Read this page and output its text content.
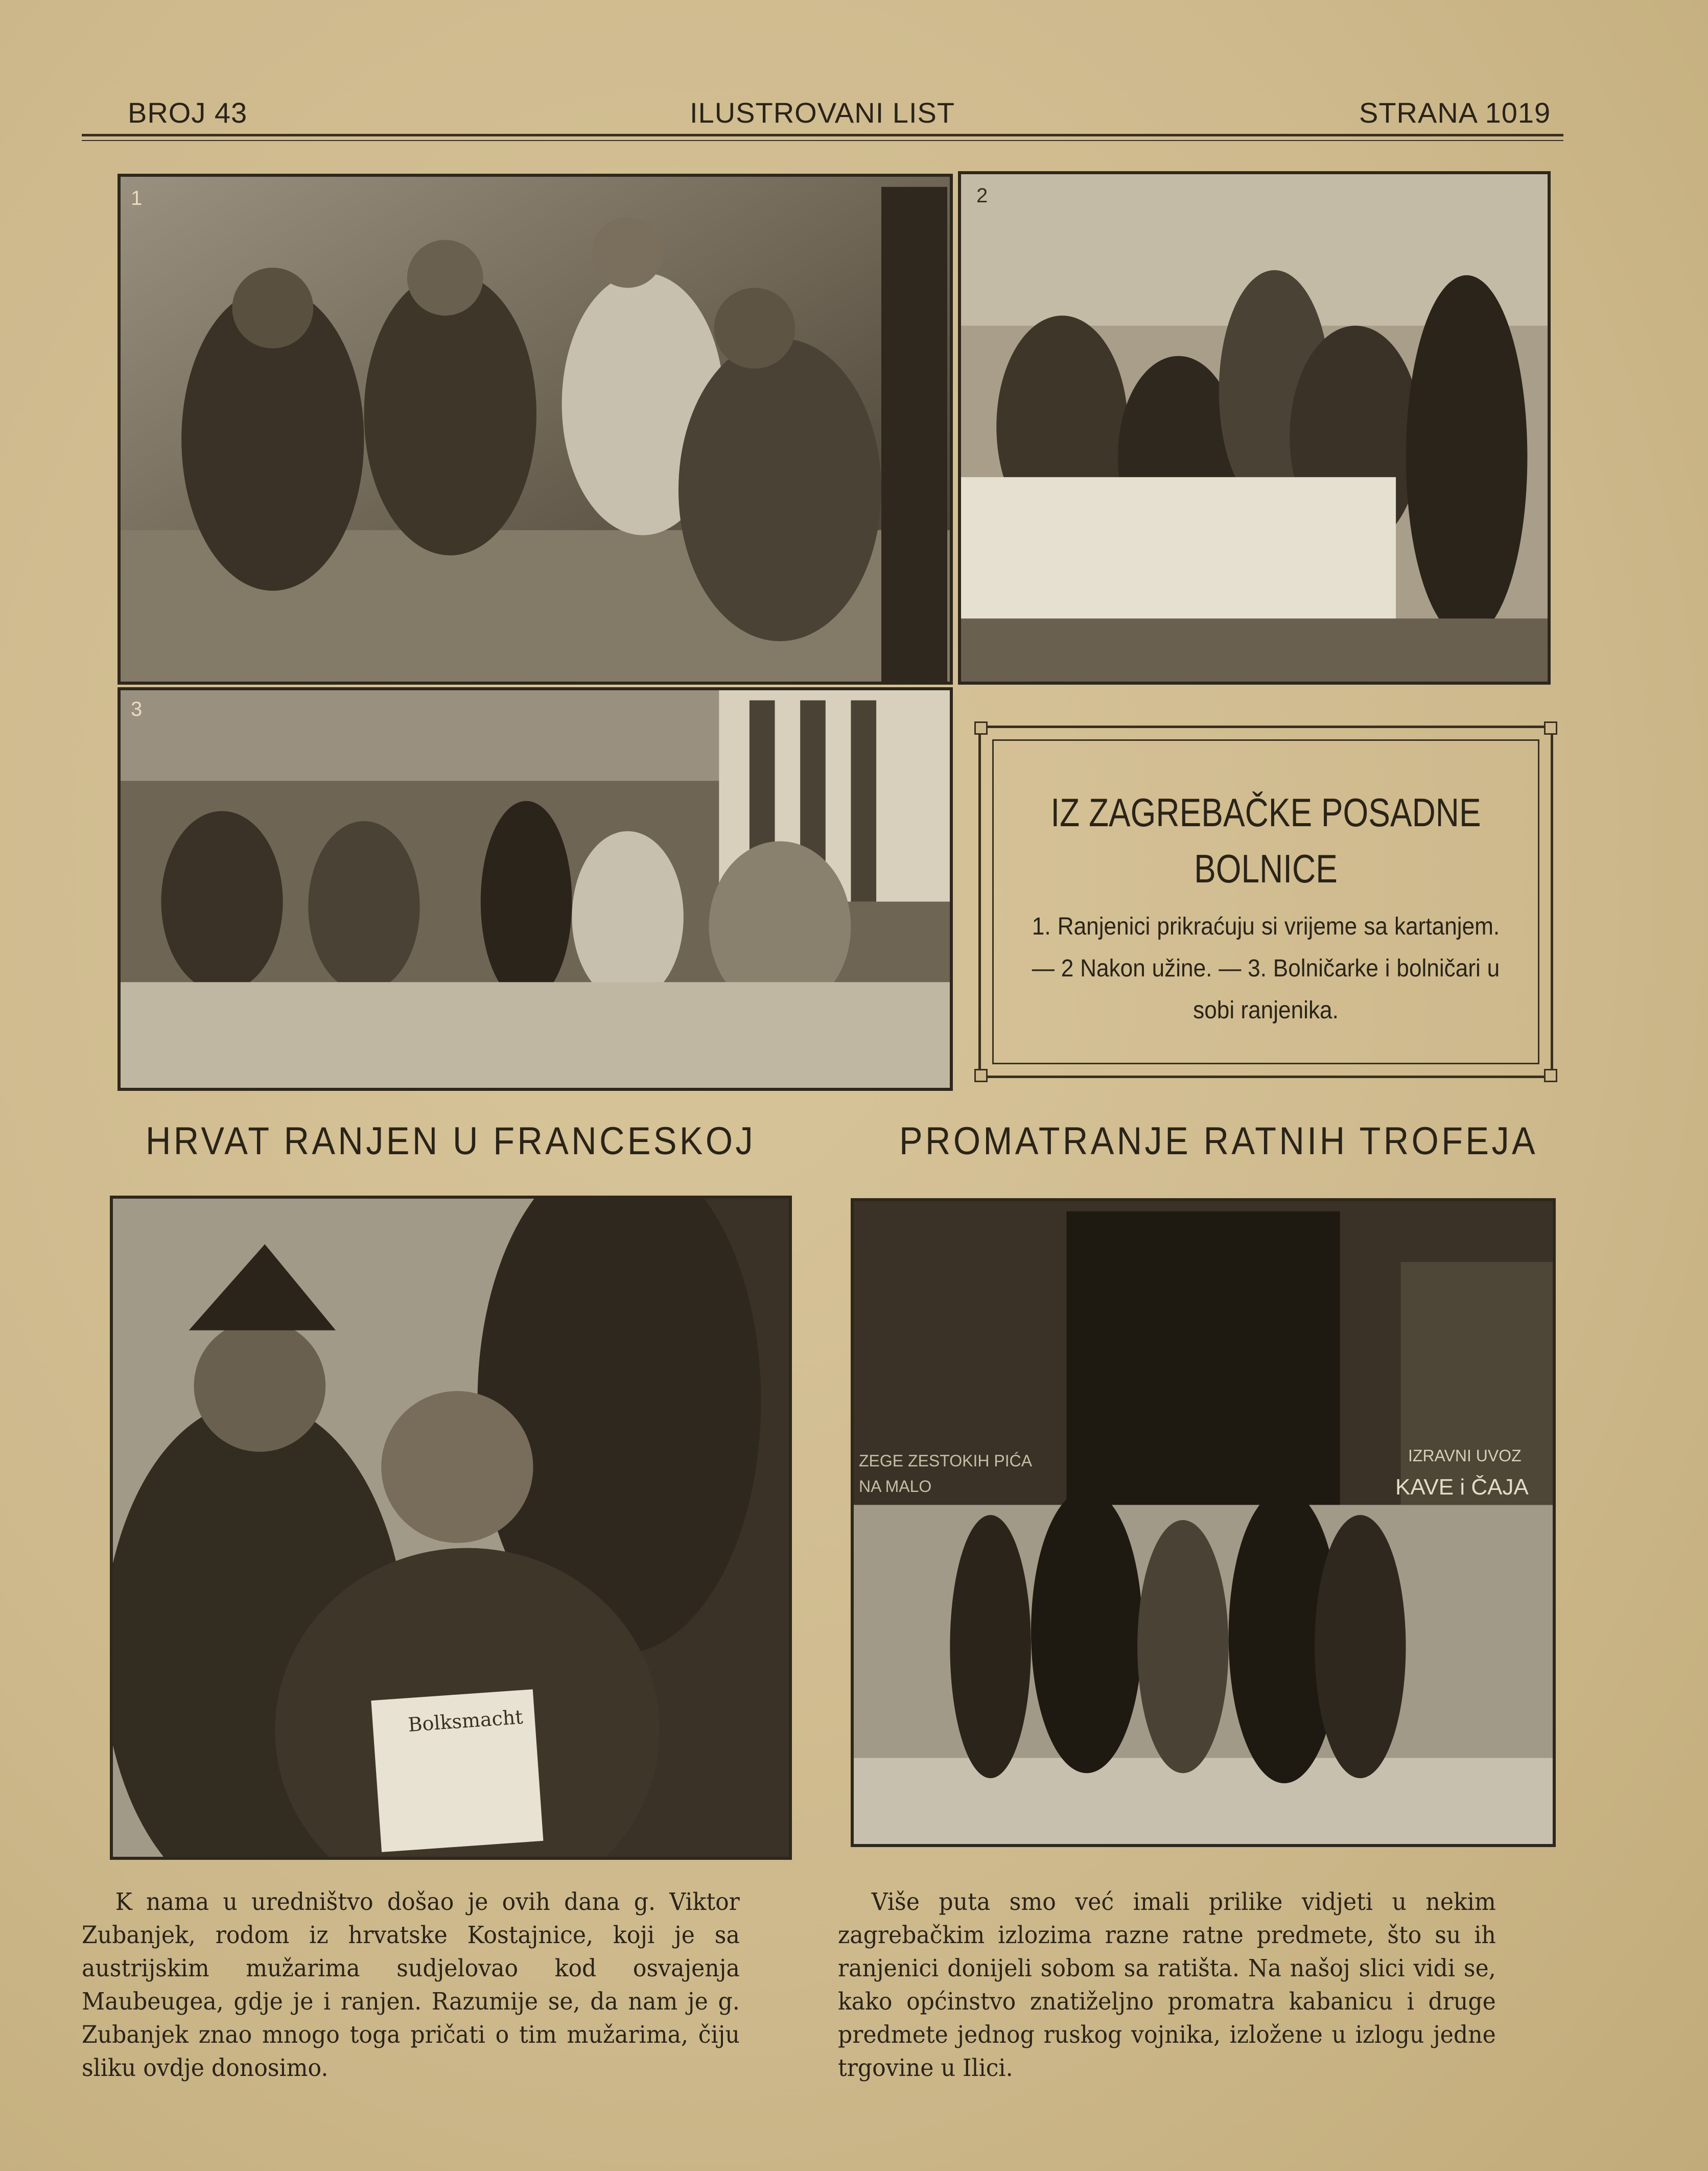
BROJ 43	ILUSTROVANI LIST	STRANA 1019
1	2
3
IZ ZAGREBAČKE POSADNE BOLNICE
1. Ranjenici prikraćuju si vrijeme sa kartanjem. — 2 Nakon užine. — 3. Bolničarke i bolničari u sobi ranjenika.
HRVAT RANJEN U FRANCESKOJ	PROMATRANJE RATNIH TROFEJA
Bolksmacht
ZEGE ZESTOKIH PIĆA
NA MALO
IZRAVNI UVOZ
KAVE i ČAJA
K nama u uredništvo došao je ovih dana g. Viktor Zubanjek, rodom iz hrvatske Kostajnice, koji je sa austrijskim mužarima sudjelovao kod osvajenja Maubeugea, gdje je i ranjen. Razumije se, da nam je g. Zubanjek znao mnogo toga pričati o tim mužarima, čiju sliku ovdje donosimo.
Više puta smo već imali prilike vidjeti u nekim zagrebačkim izlozima razne ratne predmete, što su ih ranjenici donijeli sobom sa ratišta. Na našoj slici vidi se, kako općinstvo znatiželjno promatra kabanicu i druge predmete jednog ruskog vojnika, izložene u izlogu jedne trgovine u Ilici.
